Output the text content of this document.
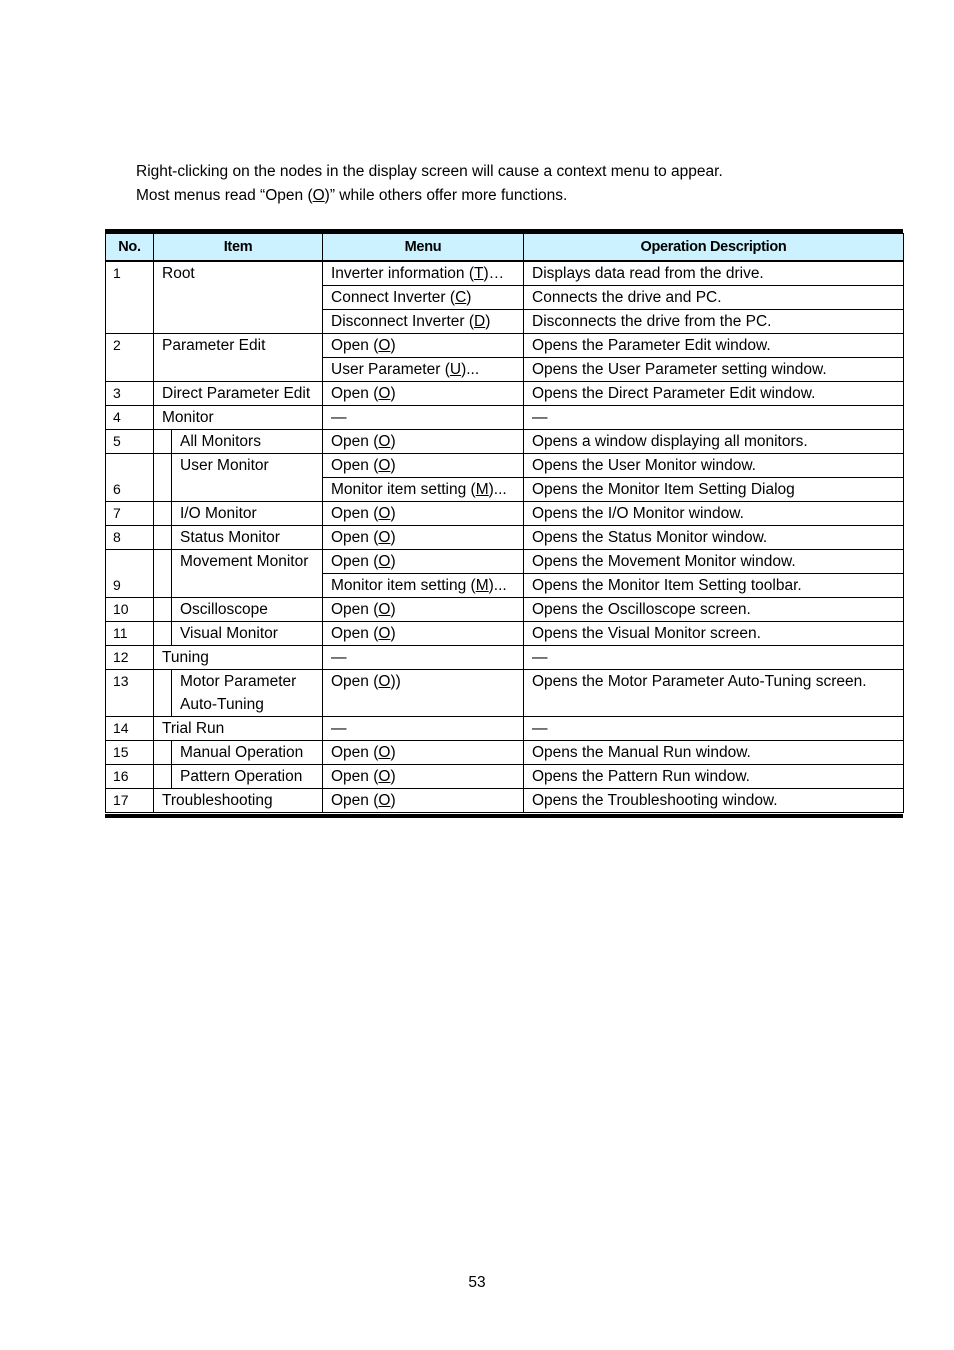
Right-clicking on the nodes in the display screen will cause a context menu to appear.

Most menus read “Open (O)” while others offer more functions.

No.	Item	Menu	Operation Description
1	Root	Inverter information (T)…	Displays data read from the drive.
		Connect Inverter (C)	Connects the drive and PC.
		Disconnect Inverter (D)	Disconnects the drive from the PC.
2	Parameter Edit	Open (O)	Opens the Parameter Edit window.
		User Parameter (U)...	Opens the User Parameter setting window.
3	Direct Parameter Edit	Open (O)	Opens the Direct Parameter Edit window.
4	Monitor	—	—
5	All Monitors	Open (O)	Opens a window displaying all monitors.
6	User Monitor	Open (O)	Opens the User Monitor window.
		Monitor item setting (M)...	Opens the Monitor Item Setting Dialog
7	I/O Monitor	Open (O)	Opens the I/O Monitor window.
8	Status Monitor	Open (O)	Opens the Status Monitor window.
9	Movement Monitor	Open (O)	Opens the Movement Monitor window.
		Monitor item setting (M)...	Opens the Monitor Item Setting toolbar.
10	Oscilloscope	Open (O)	Opens the Oscilloscope screen.
11	Visual Monitor	Open (O)	Opens the Visual Monitor screen.
12	Tuning	—	—
13	Motor Parameter
Auto-Tuning	Open (O))	Opens the Motor Parameter Auto-Tuning screen.
14	Trial Run	—	—
15	Manual Operation	Open (O)	Opens the Manual Run window.
16	Pattern Operation	Open (O)	Opens the Pattern Run window.
17	Troubleshooting	Open (O)	Opens the Troubleshooting window.
53
